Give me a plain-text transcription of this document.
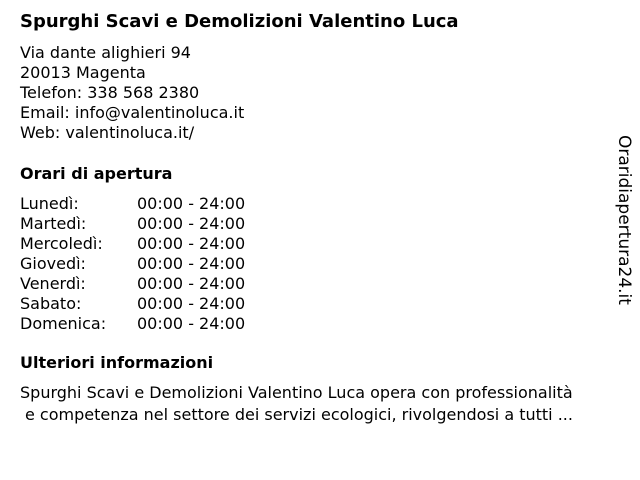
Spurghi Scavi e Demolizioni Valentino Luca
Via dante alighieri 94
20013 Magenta
Telefon: 338 568 2380
Email: info@valentinoluca.it
Web: valentinoluca.it/
Orari di apertura
Lunedì:	00:00 - 24:00
Martedì:	00:00 - 24:00
Mercoledì:	00:00 - 24:00
Giovedì:	00:00 - 24:00
Venerdì:	00:00 - 24:00
Sabato:	00:00 - 24:00
Domenica:	00:00 - 24:00
Ulteriori informazioni
Spurghi Scavi e Demolizioni Valentino Luca opera con professionalità
e competenza nel settore dei servizi ecologici, rivolgendosi a tutti ...
Oraridiapertura24.it
